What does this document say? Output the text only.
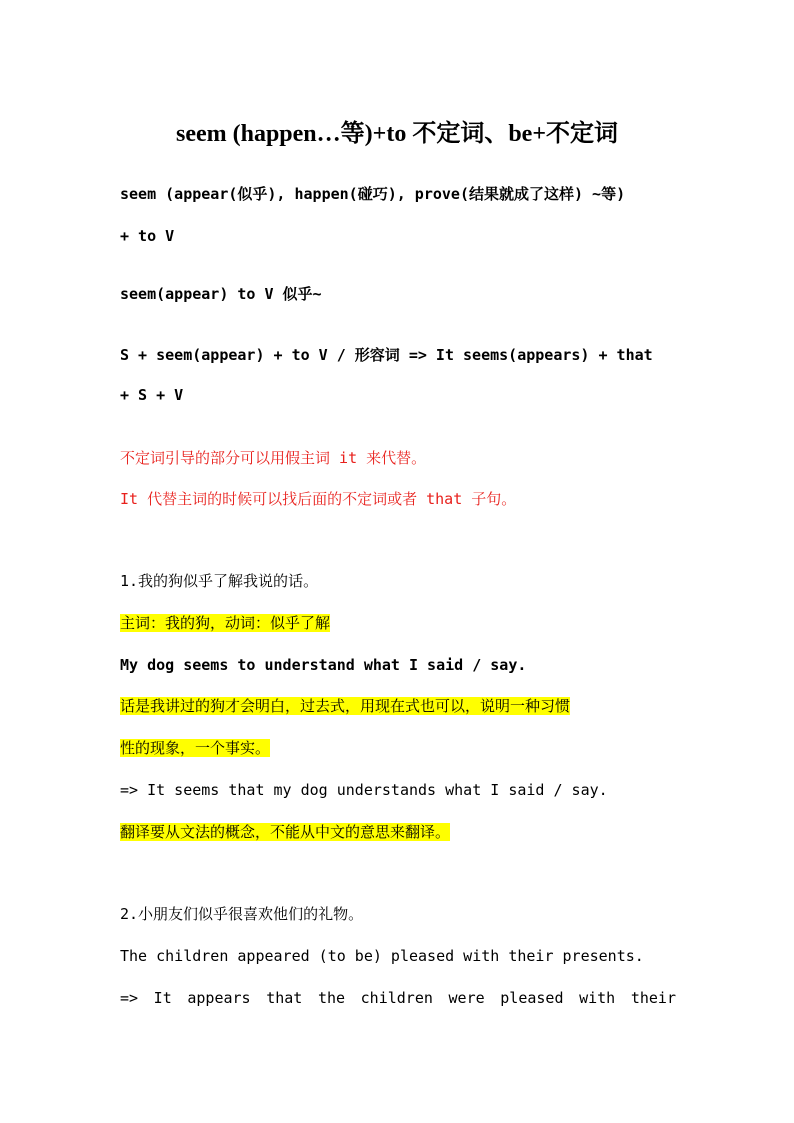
seem (happen…等)+to 不定词、be+不定词
seem (appear(似乎), happen(碰巧), prove(结果就成了这样) ~等)
+ to V
seem(appear) to V 似乎~
S + seem(appear) + to V / 形容词 => It seems(appears) + that
+ S + V
不定词引导的部分可以用假主词 it 来代替。
It 代替主词的时候可以找后面的不定词或者 that 子句。
1.我的狗似乎了解我说的话。
主词：我的狗，动词：似乎了解
My dog seems to understand what I said / say.
话是我讲过的狗才会明白，过去式，用现在式也可以，说明一种习惯
性的现象，一个事实。
=> It seems that my dog understands what I said / say.
翻译要从文法的概念，不能从中文的意思来翻译。
2.小朋友们似乎很喜欢他们的礼物。
The children appeared (to be) pleased with their presents.
=> It appears that the children were pleased with their
